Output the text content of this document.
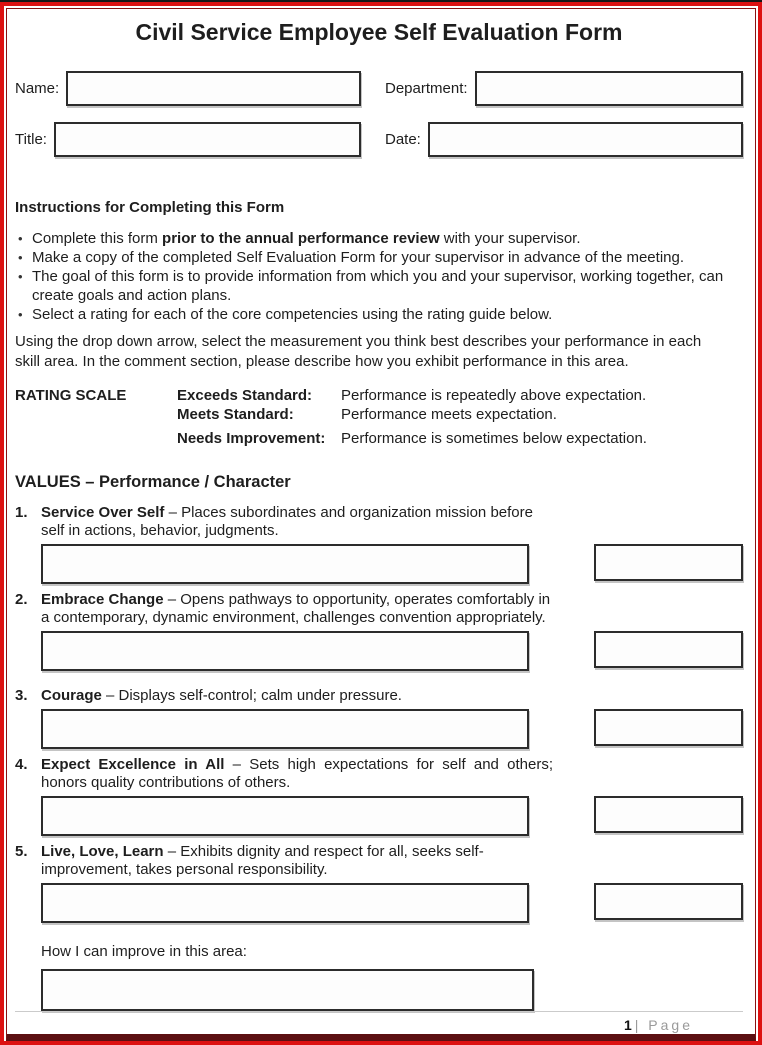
Civil Service Employee Self Evaluation Form
Name:	Department:
Title:	Date:
Instructions for Completing this Form
• Complete this form prior to the annual performance review with your supervisor.
• Make a copy of the completed Self Evaluation Form for your supervisor in advance of the meeting.
• The goal of this form is to provide information from which you and your supervisor, working together, can create goals and action plans.
• Select a rating for each of the core competencies using the rating guide below.

Using the drop down arrow, select the measurement you think best describes your performance in each skill area. In the comment section, please describe how you exhibit performance in this area.

RATING SCALE	Exceeds Standard:	Performance is repeatedly above expectation.
Meets Standard:	Performance meets expectation.
Needs Improvement:	Performance is sometimes below expectation.
VALUES – Performance / Character
1. Service Over Self – Places subordinates and organization mission before self in actions, behavior, judgments.

2. Embrace Change – Opens pathways to opportunity, operates comfortably in a contemporary, dynamic environment, challenges convention appropriately.

3. Courage – Displays self-control; calm under pressure.

4. Expect Excellence in All – Sets high expectations for self and others; honors quality contributions of others.

5. Live, Love, Learn – Exhibits dignity and respect for all, seeks self-improvement, takes personal responsibility.

How I can improve in this area:

1 | Page
